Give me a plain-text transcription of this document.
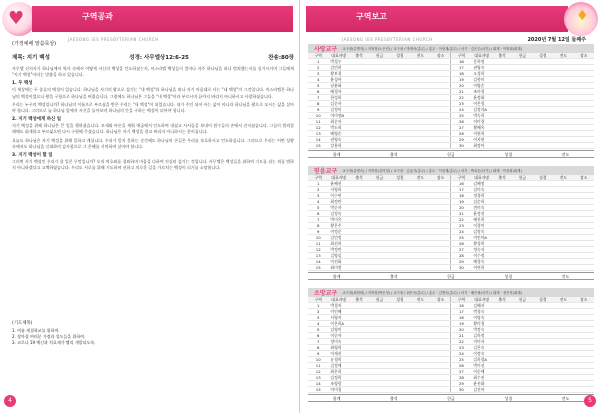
♥	구역공과
JAESONG IES PRESBYTERIAN CHURCH
(가정예배 말씀묵상)
제목: 지기 백성	성경: 사무엘상12:6-25	찬송:80장
사무엘 선지자가 하나님께서 역사 속에서 어떻게 자신의 백성을 인도하셨는지, 이스라엘 백성들이 얼마나 자주 하나님을 떠나 범죄했는지를 상기시키며 그들에게 "지기 백성"이라는 말씀을 하고 있습니다.
1. 두 백성
이 세상에는 두 종류의 백성이 있습니다. 하나님을 자기의 왕으로 섬기는 "내 백성"과 하나님을 떠나 자기 마음대로 사는 "네 백성"이 그것입니다. 이스라엘은 하나님의 백성이었으나 왕을 구함으로 하나님을 버렸습니다. 그럼에도 하나님은 그들을 "내 백성"이라 부르시며 끝까지 버리지 아니하시고 사랑하셨습니다.
우리는 누구의 백성입니까? 하나님의 이름으로 부르심을 받은 우리는 "내 백성"이 되었습니다. 내가 주인 되어 사는 삶이 아니라 하나님을 왕으로 모시는 삶을 살아야 합니다. 그러므로 늘 하나님 앞에서 자신을 돌아보며 하나님의 뜻을 구하는 백성이 되어야 합니다.
2. 지기 백성에게 하신 일
지기 백성을 위해 하나님은 큰 일을 행하셨습니다. 모세와 아론을 세워 애굽에서 인도하여 내셨고 사사들을 보내어 원수들의 손에서 건지셨습니다. 그들이 범죄할 때에도 회개하고 부르짖으면 다시 구원해 주셨습니다. 하나님은 자기 백성을 결코 버리지 아니하시는 분이십니다.
오늘도 하나님은 자기 백성을 위해 일하고 계십니다. 우리가 알지 못하는 순간에도 하나님의 손길은 우리를 보호하시고 인도하십니다. 그러므로 우리는 어떤 상황 속에서도 하나님을 신뢰하며 감사함으로 그 은혜를 기억하며 살아야 합니다.
3. 지기 백성이 할 일
그러면 지기 백성인 우리가 할 일은 무엇입니까? 오직 여호와를 경외하며 마음을 다하여 진실히 섬기는 것입니다. 사무엘은 백성들을 위하여 기도를 쉬는 죄를 범하지 아니하겠다고 고백하였습니다. 우리도 서로를 위해 기도하며 선하고 의로운 길을 가르치는 백성이 되기를 소망합니다.
(기도제목)
1. 여름 계절학교를 위하여.
2. 장마철 여러분 가정과 성도들을 위하여.
3. 코로나 19 백신과 치료제가 빨리 개발되도록.
4
구역보고
JAESONG IES PRESBYTERIAN CHURCH
♦
2020년 7월 12일 둘째주
사랑교구 교구장(김명자) / 지역장(노은진) / 교구장 / 박재석(총무) / 총무 · 이성재(총무) / 서기 · 김은주(서기) / 회계 · 이명희(회계)
구역	대표자명	출석	헌금	성경	전도	장소	구역	대표자명	출석	헌금	성경	전도	장소
1	박성우						16	문희정					
2	김민희						17	권영숙					
3	황보경						18	오경희					
4	윤성아						19	김향미					
5	남윤화						20	이영순					
6	배경자						21	조미경					
7	한성희						22	윤정화					
8	김순자						23	이은경					
9	김정미						24	김정자A					
10	이미정B						25	박숙희					
11	최순자						26	이미경					
12	박도희						27	황혜옥					
13	배영순						28	이현희					
14	권영숙						29	이지현					
15	강용희						30	최정아					
합계	출석	헌금	성경	전도
믿음교구 교구장(류양숙) / 지역장(김미정) / 교구장 · 김효식(총무) / 총무 · 이성재(총무) / 서기 · 박옥순(서기) / 회계 · 이선희(회계)
구역	대표자명	출석	헌금	성경	전도	장소	구역	대표자명	출석	헌금	성경	전도	장소
1	윤혜선						16	김혜정					
2	서영희						17	김미숙					
3	이수연						18	정경희					
4	최정란						19	김순희					
5	박순자						20	전미숙					
6	김정숙						21	윤정선					
7	박미옥						22	배진희					
8	황은주						23	이경미					
9	이정순						24	김정숙					
10	김민정						25	이인아A					
11	최선희						26	황성희					
12	박정란						27	정숙자					
13	김영실						28	이수정					
14	이선화						29	배경숙					
15	최미정						30	이연희					
합계	출석	헌금	성경	전도
소망교구 교구장(최현희) / 지역장(박은정) / 교구장 / 최은숙(총무) / 총무 · 김명숙(총무) / 서기 · 배은희(서기) / 회계 · 정은자(회계)
구역	대표자명	출석	헌금	성경	전도	장소	구역	대표자명	출석	헌금	성경	전도	장소
1	박경자						16	김혜자					
2	이인혜						17	박경숙					
3	서영자						18	이명숙					
4	이은희A						19	황미경					
5	김영미						20	박정숙					
6	이순자						21	김희정					
7	정미숙						22	이미자					
8	최영희						23	김은숙					
9	이재선						24	이정숙					
10	유경희						25	김희경A					
11	김정애						26	박미선					
12	최은희						27	이순애					
13	김정희						28	최수진					
14	조영림						29	윤선화					
15	이미경						30	김진아					
합계	출석	헌금	성경	전도	5
